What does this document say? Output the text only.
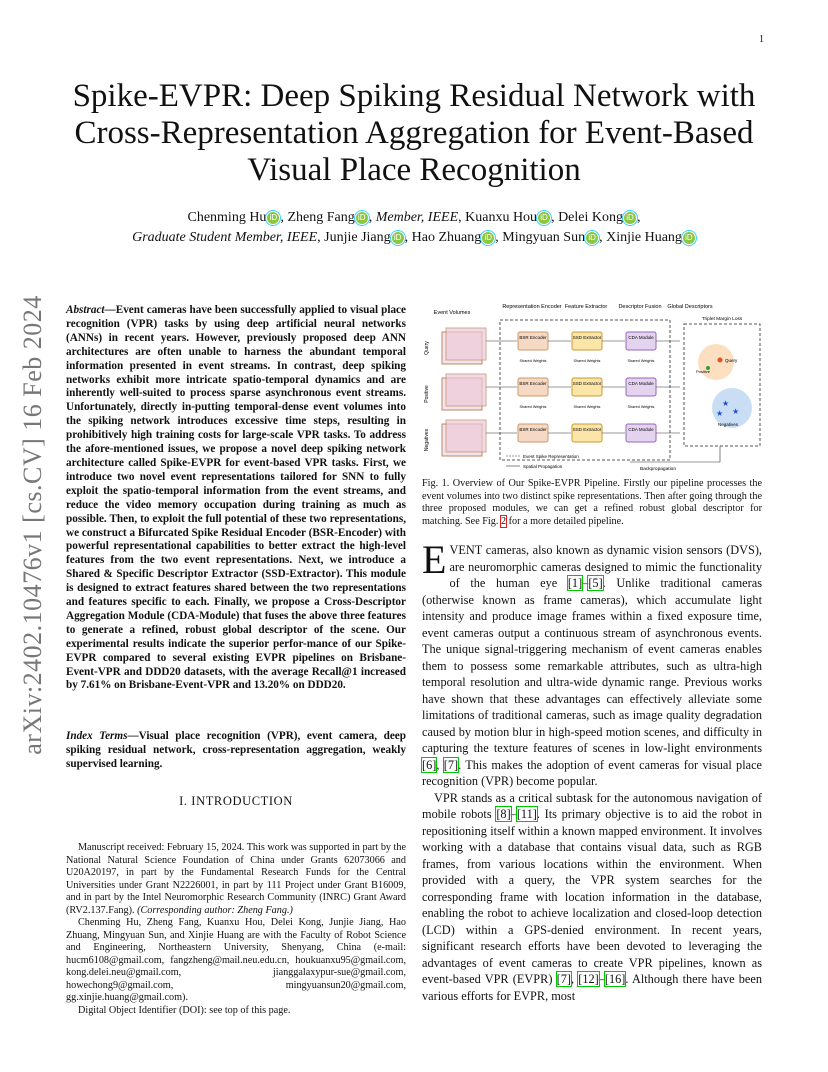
1
arXiv:2402.10476v1 [cs.CV] 16 Feb 2024
Spike-EVPR: Deep Spiking Residual Network with Cross-Representation Aggregation for Event-Based Visual Place Recognition
Chenming Hu iD , Zheng Fang iD , Member, IEEE, Kuanxu Hou iD , Delei Kong iD ,
Graduate Student Member, IEEE, Junjie Jiang iD , Hao Zhuang iD , Mingyuan Sun iD , Xinjie Huang iD
Abstract—Event cameras have been successfully applied to visual place recognition (VPR) tasks by using deep artificial neural networks (ANNs) in recent years. However, previously proposed deep ANN architectures are often unable to harness the abundant temporal information presented in event streams. In contrast, deep spiking networks exhibit more intricate spatio-temporal dynamics and are inherently well-suited to process sparse asynchronous event streams. Unfortunately, directly in-putting temporal-dense event volumes into the spiking network introduces excessive time steps, resulting in prohibitively high training costs for large-scale VPR tasks. To address the afore-mentioned issues, we propose a novel deep spiking network architecture called Spike-EVPR for event-based VPR tasks. First, we introduce two novel event representations tailored for SNN to fully exploit the spatio-temporal information from the event streams, and reduce the video memory occupation during training as much as possible. Then, to exploit the full potential of these two representations, we construct a Bifurcated Spike Residual Encoder (BSR-Encoder) with powerful representational capabilities to better extract the high-level features from the two event representations. Next, we introduce a Shared & Specific Descriptor Extractor (SSD-Extractor). This module is designed to extract features shared between the two representations and features specific to each. Finally, we propose a Cross-Descriptor Aggregation Module (CDA-Module) that fuses the above three features to generate a refined, robust global descriptor of the scene. Our experimental results indicate the superior perfor-mance of our Spike-EVPR compared to several existing EVPR pipelines on Brisbane-Event-VPR and DDD20 datasets, with the average Recall@1 increased by 7.61% on Brisbane-Event-VPR and 13.20% on DDD20.
Index Terms—Visual place recognition (VPR), event camera, deep spiking residual network, cross-representation aggregation, weakly supervised learning.
I. INTRODUCTION

Manuscript received: February 15, 2024. This work was supported in part by the National Natural Science Foundation of China under Grants 62073066 and U20A20197, in part by the Fundamental Research Funds for the Central Universities under Grant N2226001, in part by 111 Project under Grant B16009, and in part by the Intel Neuromorphic Research Community (INRC) Grant Award (RV2.137.Fang). (Corresponding author: Zheng Fang.)

Chenming Hu, Zheng Fang, Kuanxu Hou, Delei Kong, Junjie Jiang, Hao Zhuang, Mingyuan Sun, and Xinjie Huang are with the Faculty of Robot Science and Engineering, Northeastern University, Shenyang, China (e-mail: hucm6108@gmail.com, fangzheng@mail.neu.edu.cn, houkuanxu95@gmail.com, kong.delei.neu@gmail.com, jianggalaxypur-sue@gmail.com, howechong9@gmail.com, mingyuansun20@gmail.com, gg.xinjie.huang@gmail.com).

Digital Object Identifier (DOI): see top of this page.

Event Volumes
Representation Encoder Feature Extractor Descriptor Fusion Global Descriptors
Query
Positive
Negatives
BSR Encoder	SSD Extractor	CDA Module
Shared Weights	Shared Weights	Shared Weights
BSR Encoder	SSD Extractor	CDA Module
Shared Weights	Shared Weights	Shared Weights
BSR Encoder	SSD Extractor	CDA Module
Triplet Margin Loss
Query
Positive
★
★
★
Negatives
Event Spike Representation
Spatial Propagation
Backpropagation
Fig. 1. Overview of Our Spike-EVPR Pipeline. Firstly our pipeline processes the event volumes into two distinct spike representations. Then after going through the three proposed modules, we can get a refined robust global descriptor for matching. See Fig. 2 for a more detailed pipeline.

EVENT cameras, also known as dynamic vision sensors (DVS), are neuromorphic cameras designed to mimic the functionality of the human eye [1]–[5]. Unlike traditional cameras (otherwise known as frame cameras), which accumulate light intensity and produce image frames within a fixed exposure time, event cameras output a continuous stream of asynchronous events. The unique signal-triggering mechanism of event cameras enables them to possess some remarkable attributes, such as ultra-high temporal resolution and ultra-wide dynamic range. Previous works have shown that these advantages can effectively alleviate some limitations of traditional cameras, such as image quality degradation caused by motion blur in high-speed motion scenes, and difficulty in capturing the texture features of scenes in low-light environments [6], [7]. This makes the adoption of event cameras for visual place recognition (VPR) become popular.

VPR stands as a critical subtask for the autonomous navigation of mobile robots [8]–[11]. Its primary objective is to aid the robot in repositioning itself within a known mapped environment. It involves working with a database that contains visual data, such as RGB frames, from various locations within the environment. When provided with a query, the VPR system searches for the corresponding frame with location information in the database, enabling the robot to achieve localization and closed-loop detection (LCD) within a GPS-denied environment. In recent years, significant research efforts have been devoted to leveraging the advantages of event cameras to create VPR pipelines, known as event-based VPR (EVPR) [7], [12]–[16]. Although there have been various efforts for EVPR, most
